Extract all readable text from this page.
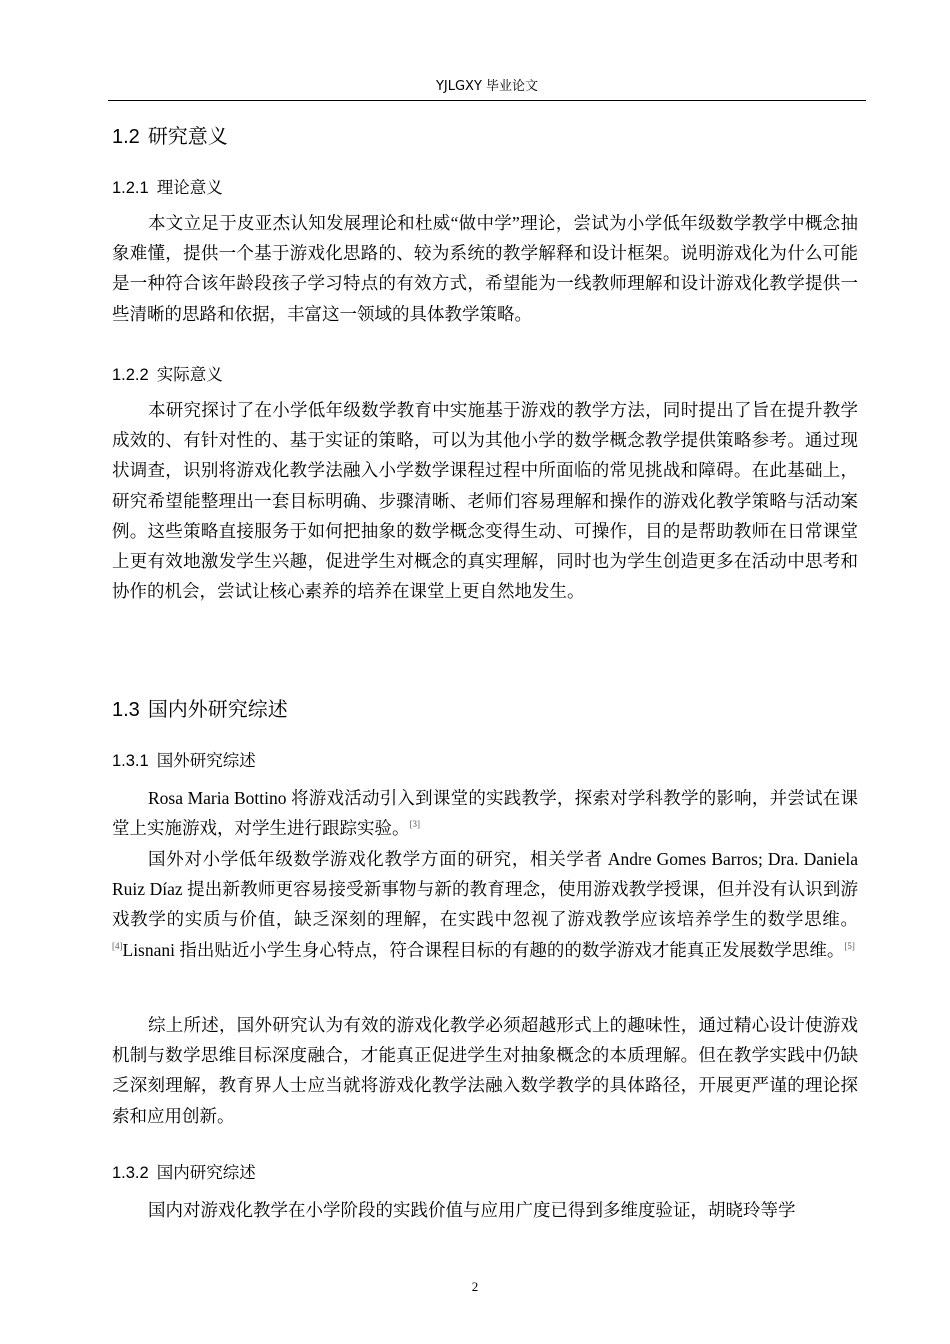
YJLGXY 毕业论文
1.2 研究意义
1.2.1 理论意义
本文立足于皮亚杰认知发展理论和杜威“做中学”理论，尝试为小学低年级数学教学中概念抽象难懂，提供一个基于游戏化思路的、较为系统的教学解释和设计框架。说明游戏化为什么可能是一种符合该年龄段孩子学习特点的有效方式，希望能为一线教师理解和设计游戏化教学提供一些清晰的思路和依据，丰富这一领域的具体教学策略。
1.2.2 实际意义
本研究探讨了在小学低年级数学教育中实施基于游戏的教学方法，同时提出了旨在提升教学成效的、有针对性的、基于实证的策略，可以为其他小学的数学概念教学提供策略参考。通过现状调查，识别将游戏化教学法融入小学数学课程过程中所面临的常见挑战和障碍。在此基础上，研究希望能整理出一套目标明确、步骤清晰、老师们容易理解和操作的游戏化教学策略与活动案例。这些策略直接服务于如何把抽象的数学概念变得生动、可操作，目的是帮助教师在日常课堂上更有效地激发学生兴趣，促进学生对概念的真实理解，同时也为学生创造更多在活动中思考和协作的机会，尝试让核心素养的培养在课堂上更自然地发生。
1.3 国内外研究综述
1.3.1 国外研究综述
Rosa Maria Bottino 将游戏活动引入到课堂的实践教学，探索对学科教学的影响，并尝试在课堂上实施游戏，对学生进行跟踪实验。[3]
国外对小学低年级数学游戏化教学方面的研究，相关学者 Andre Gomes Barros; Dra. Daniela Ruiz Díaz 提出新教师更容易接受新事物与新的教育理念，使用游戏教学授课，但并没有认识到游戏教学的实质与价值，缺乏深刻的理解，在实践中忽视了游戏教学应该培养学生的数学思维。[4]Lisnani 指出贴近小学生身心特点，符合课程目标的有趣的的数学游戏才能真正发展数学思维。[5]
综上所述，国外研究认为有效的游戏化教学必须超越形式上的趣味性，通过精心设计使游戏机制与数学思维目标深度融合，才能真正促进学生对抽象概念的本质理解。但在教学实践中仍缺乏深刻理解，教育界人士应当就将游戏化教学法融入数学教学的具体路径，开展更严谨的理论探索和应用创新。
1.3.2 国内研究综述
国内对游戏化教学在小学阶段的实践价值与应用广度已得到多维度验证，胡晓玲等学
2
